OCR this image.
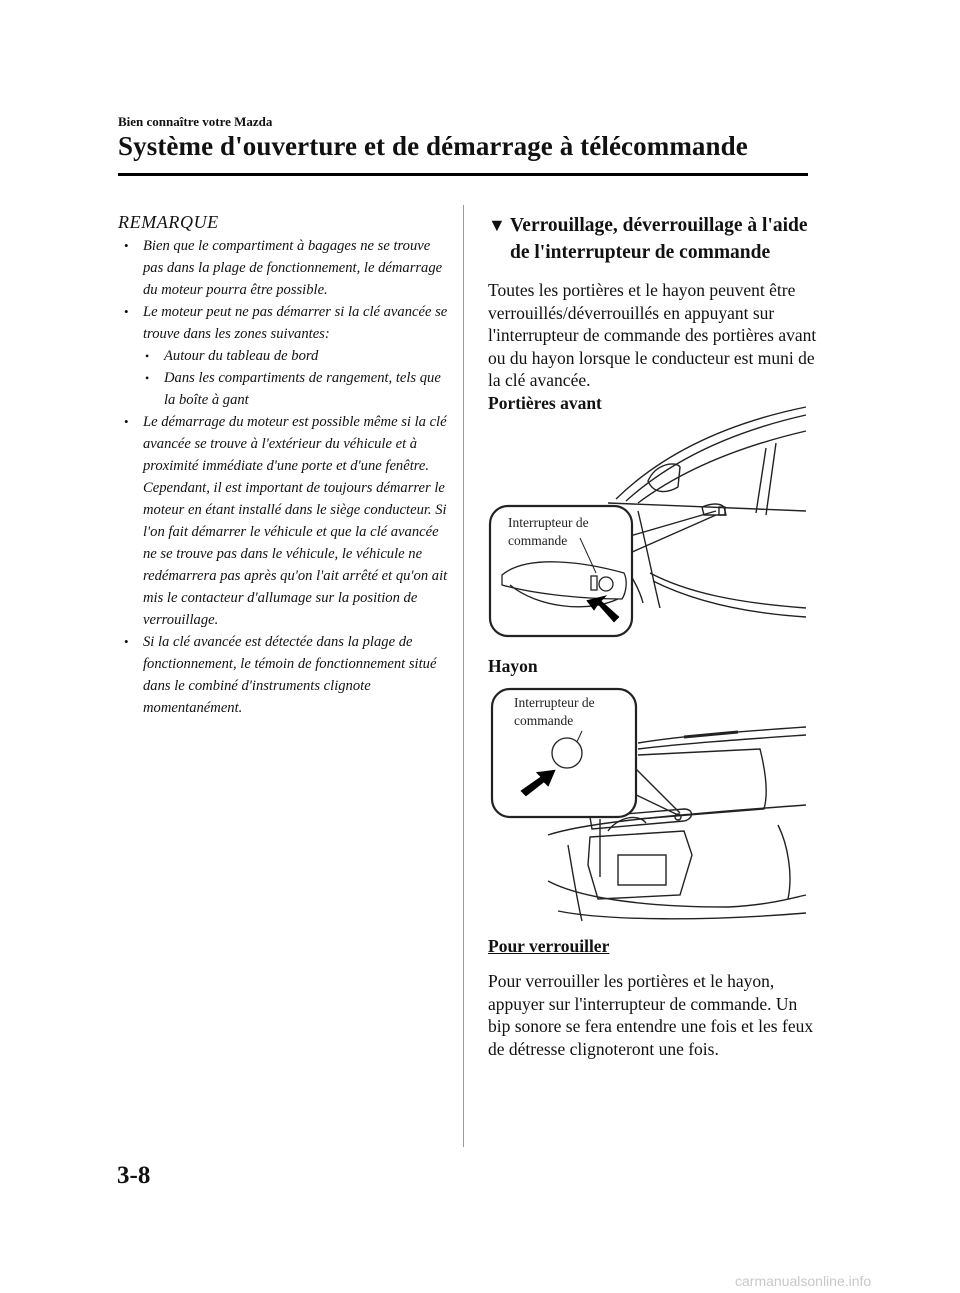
Bien connaître votre Mazda
Système d'ouverture et de démarrage à télécommande
REMARQUE
• Bien que le compartiment à bagages ne se trouve pas dans la plage de fonctionnement, le démarrage du moteur pourra être possible.
• Le moteur peut ne pas démarrer si la clé avancée se trouve dans les zones suivantes:
• Autour du tableau de bord
• Dans les compartiments de rangement, tels que la boîte à gant
• Le démarrage du moteur est possible même si la clé avancée se trouve à l'extérieur du véhicule et à proximité immédiate d'une porte et d'une fenêtre. Cependant, il est important de toujours démarrer le moteur en étant installé dans le siège conducteur. Si l'on fait démarrer le véhicule et que la clé avancée ne se trouve pas dans le véhicule, le véhicule ne redémarrera pas après qu'on l'ait arrêté et qu'on ait mis le contacteur d'allumage sur la position de verrouillage.
• Si la clé avancée est détectée dans la plage de fonctionnement, le témoin de fonctionnement situé dans le combiné d'instruments clignote momentanément.
▼ Verrouillage, déverrouillage à l'aide de l'interrupteur de commande
Toutes les portières et le hayon peuvent être verrouillés/déverrouillés en appuyant sur l'interrupteur de commande des portières avant ou du hayon lorsque le conducteur est muni de la clé avancée.
Portières avant
Interrupteur de
commande
Hayon
Interrupteur de
commande
Pour verrouiller
Pour verrouiller les portières et le hayon, appuyer sur l'interrupteur de commande. Un bip sonore se fera entendre une fois et les feux de détresse clignoteront une fois.
3-8
carmanualsonline.info
